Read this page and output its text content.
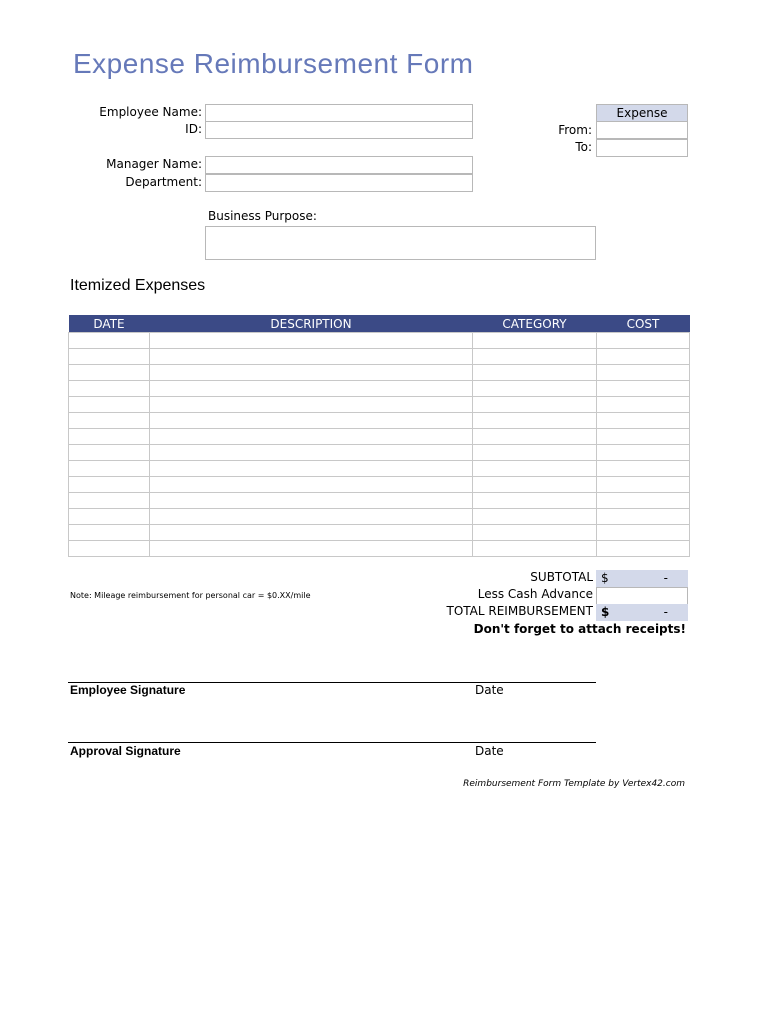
Expense Reimbursement Form
Employee Name:
ID:
Manager Name:
Department:
Business Purpose:
Expense
From:
To:
Itemized Expenses
DATE	DESCRIPTION	CATEGORY	COST

SUBTOTAL $	-
Less Cash Advance
TOTAL REIMBURSEMENT $	-
Note: Mileage reimbursement for personal car = $0.XX/mile
Don't forget to attach receipts!
Employee Signature	Date
Approval Signature	Date
Reimbursement Form Template by Vertex42.com
